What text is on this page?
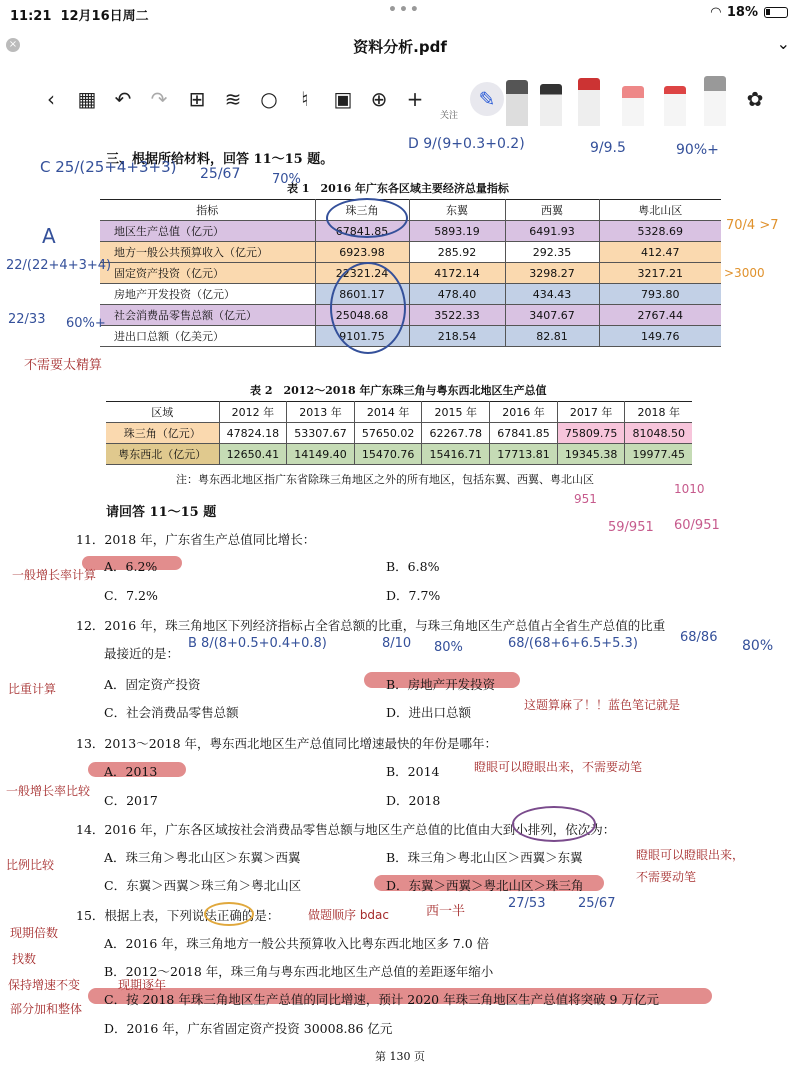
11:21 12月16日周二	•••	◠ 18%
×	资料分析.pdf	⌄
‹	▦ ↶ ↷ ⊞ ≋ ○	♮	▣ ⊕ +	✎	✿
关注
三、根据所给材料，回答 11～15 题。
表 1　2016 年广东各区域主要经济总量指标
指标	珠三角	东翼	西翼	粤北山区
地区生产总值（亿元）	67841.85	5893.19	6491.93	5328.69
地方一般公共预算收入（亿元）	6923.98	285.92	292.35	412.47
固定资产投资（亿元）	22321.24	4172.14	3298.27	3217.21
房地产开发投资（亿元）	8601.17	478.40	434.43	793.80
社会消费品零售总额（亿元）	25048.68	3522.33	3407.67	2767.44
进出口总额（亿美元）	9101.75	218.54	82.81	149.76
表 2　2012～2018 年广东珠三角与粤东西北地区生产总值
区域	2012 年	2013 年	2014 年	2015 年	2016 年	2017 年	2018 年
珠三角（亿元）	47824.18	53307.67	57650.02	62267.78	67841.85	75809.75	81048.50
粤东西北（亿元）	12650.41	14149.40	15470.76	15416.71	17713.81	19345.38	19977.45
注：粤东西北地区指广东省除珠三角地区之外的所有地区，包括东翼、西翼、粤北山区
请回答 11～15 题
11．2018 年，广东省生产总值同比增长：
A．6.2%	B．6.8%
C．7.2%	D．7.7%
12．2016 年，珠三角地区下列经济指标占全省总额的比重，与珠三角地区生产总值占全省生产总值的比重
最接近的是：
A．固定资产投资	B．房地产开发投资
C．社会消费品零售总额	D．进出口总额
13．2013～2018 年，粤东西北地区生产总值同比增速最快的年份是哪年：
A．2013	B．2014
C．2017	D．2018
14．2016 年，广东各区域按社会消费品零售总额与地区生产总值的比值由大到小排列，依次为：
A．珠三角＞粤北山区＞东翼＞西翼	B．珠三角＞粤北山区＞西翼＞东翼
C．东翼＞西翼＞珠三角＞粤北山区	D．东翼＞西翼＞粤北山区＞珠三角
15．根据上表，下列说法正确的是：
A．2016 年，珠三角地方一般公共预算收入比粤东西北地区多 7.0 倍
B．2012～2018 年，珠三角与粤东西北地区生产总值的差距逐年缩小
C．按 2018 年珠三角地区生产总值的同比增速，预计 2020 年珠三角地区生产总值将突破 9 万亿元
D．2016 年，广东省固定资产投资 30008.86 亿元
第 130 页
C 25/(25+4+3+3) 25/67 70%
A
22/(22+4+3+4)
22/33 60%+
D 9/(9+0.3+0.2)	9/9.5	90%+
70/4 >7
>3000
不需要太精算
951
1010
59/951 60/951
一般增长率计算
比重计算
B 8/(8+0.5+0.4+0.8)	8/10 80%	68/(68+6+6.5+5.3)	68/86
80%
这题算麻了！！蓝色笔记就是
一般增长率比较
瞪眼可以瞪眼出来，不需要动笔
比例比较
瞪眼可以瞪眼出来，
不需要动笔
做题顺序 bdac	西一半
27/53	25/67
现期倍数
找数
保持增速不变	现期逐年
部分加和整体
